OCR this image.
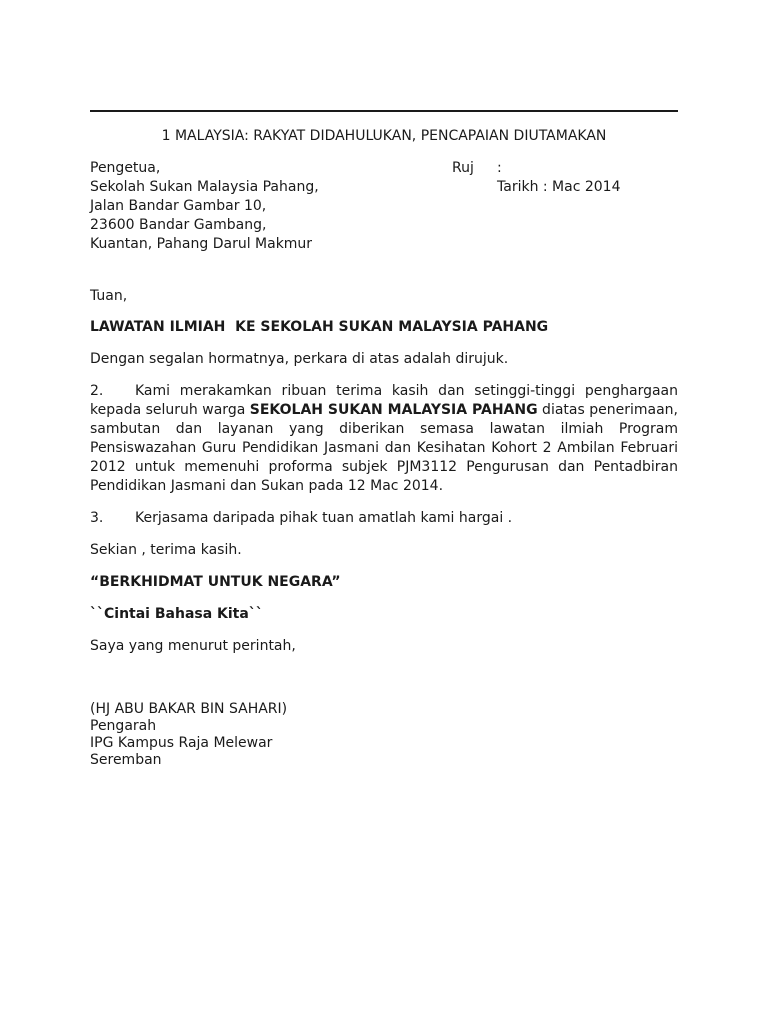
1 MALAYSIA: RAKYAT DIDAHULUKAN, PENCAPAIAN DIUTAMAKAN
Pengetua,
Sekolah Sukan Malaysia Pahang,
Jalan Bandar Gambar 10,
23600 Bandar Gambang,
Kuantan, Pahang Darul Makmur
Ruj :
Tarikh : Mac 2014
Tuan,
LAWATAN ILMIAH  KE SEKOLAH SUKAN MALAYSIA PAHANG
Dengan segalan hormatnya, perkara di atas adalah dirujuk.
2. Kami merakamkan ribuan terima kasih dan setinggi-tinggi penghargaan
kepada seluruh warga SEKOLAH SUKAN MALAYSIA PAHANG diatas penerimaan,
sambutan dan layanan yang diberikan semasa lawatan ilmiah Program
Pensiswazahan Guru Pendidikan Jasmani dan Kesihatan Kohort 2 Ambilan Februari
2012 untuk memenuhi proforma subjek PJM3112 Pengurusan dan Pentadbiran
Pendidikan Jasmani dan Sukan pada 12 Mac 2014.
3. Kerjasama daripada pihak tuan amatlah kami hargai .
Sekian , terima kasih.
“BERKHIDMAT UNTUK NEGARA”
``Cintai Bahasa Kita``
Saya yang menurut perintah,
(HJ ABU BAKAR BIN SAHARI)
Pengarah
IPG Kampus Raja Melewar
Seremban
